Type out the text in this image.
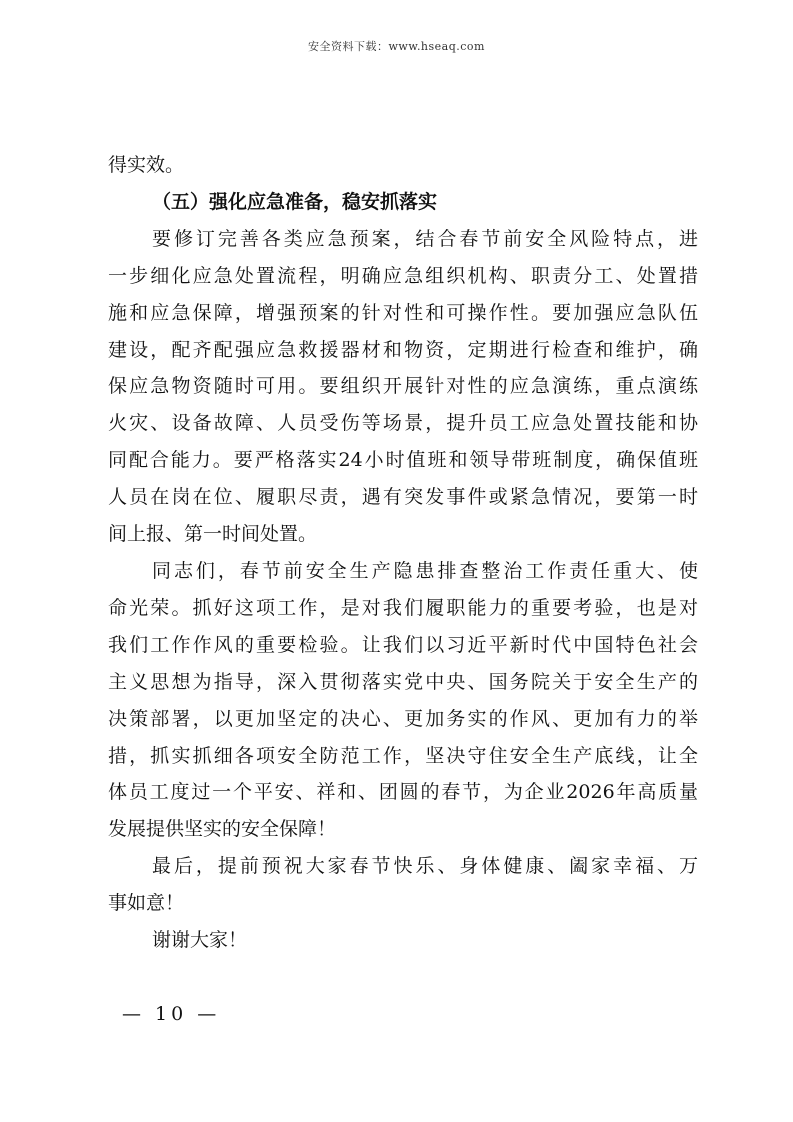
安全资料下载：www.hseaq.com
得实效。
（五）强化应急准备，稳安抓落实
要修订完善各类应急预案，结合春节前安全风险特点，进
一步细化应急处置流程，明确应急组织机构、职责分工、处置措
施和应急保障，增强预案的针对性和可操作性。要加强应急队伍
建设，配齐配强应急救援器材和物资，定期进行检查和维护，确
保应急物资随时可用。要组织开展针对性的应急演练，重点演练
火灾、设备故障、人员受伤等场景，提升员工应急处置技能和协
同配合能力。要严格落实24小时值班和领导带班制度，确保值班
人员在岗在位、履职尽责，遇有突发事件或紧急情况，要第一时
间上报、第一时间处置。
同志们，春节前安全生产隐患排查整治工作责任重大、使
命光荣。抓好这项工作，是对我们履职能力的重要考验，也是对
我们工作作风的重要检验。让我们以习近平新时代中国特色社会
主义思想为指导，深入贯彻落实党中央、国务院关于安全生产的
决策部署，以更加坚定的决心、更加务实的作风、更加有力的举
措，抓实抓细各项安全防范工作，坚决守住安全生产底线，让全
体员工度过一个平安、祥和、团圆的春节，为企业2026年高质量
发展提供坚实的安全保障！
最后，提前预祝大家春节快乐、身体健康、阖家幸福、万
事如意！
谢谢大家！
— 10 —
